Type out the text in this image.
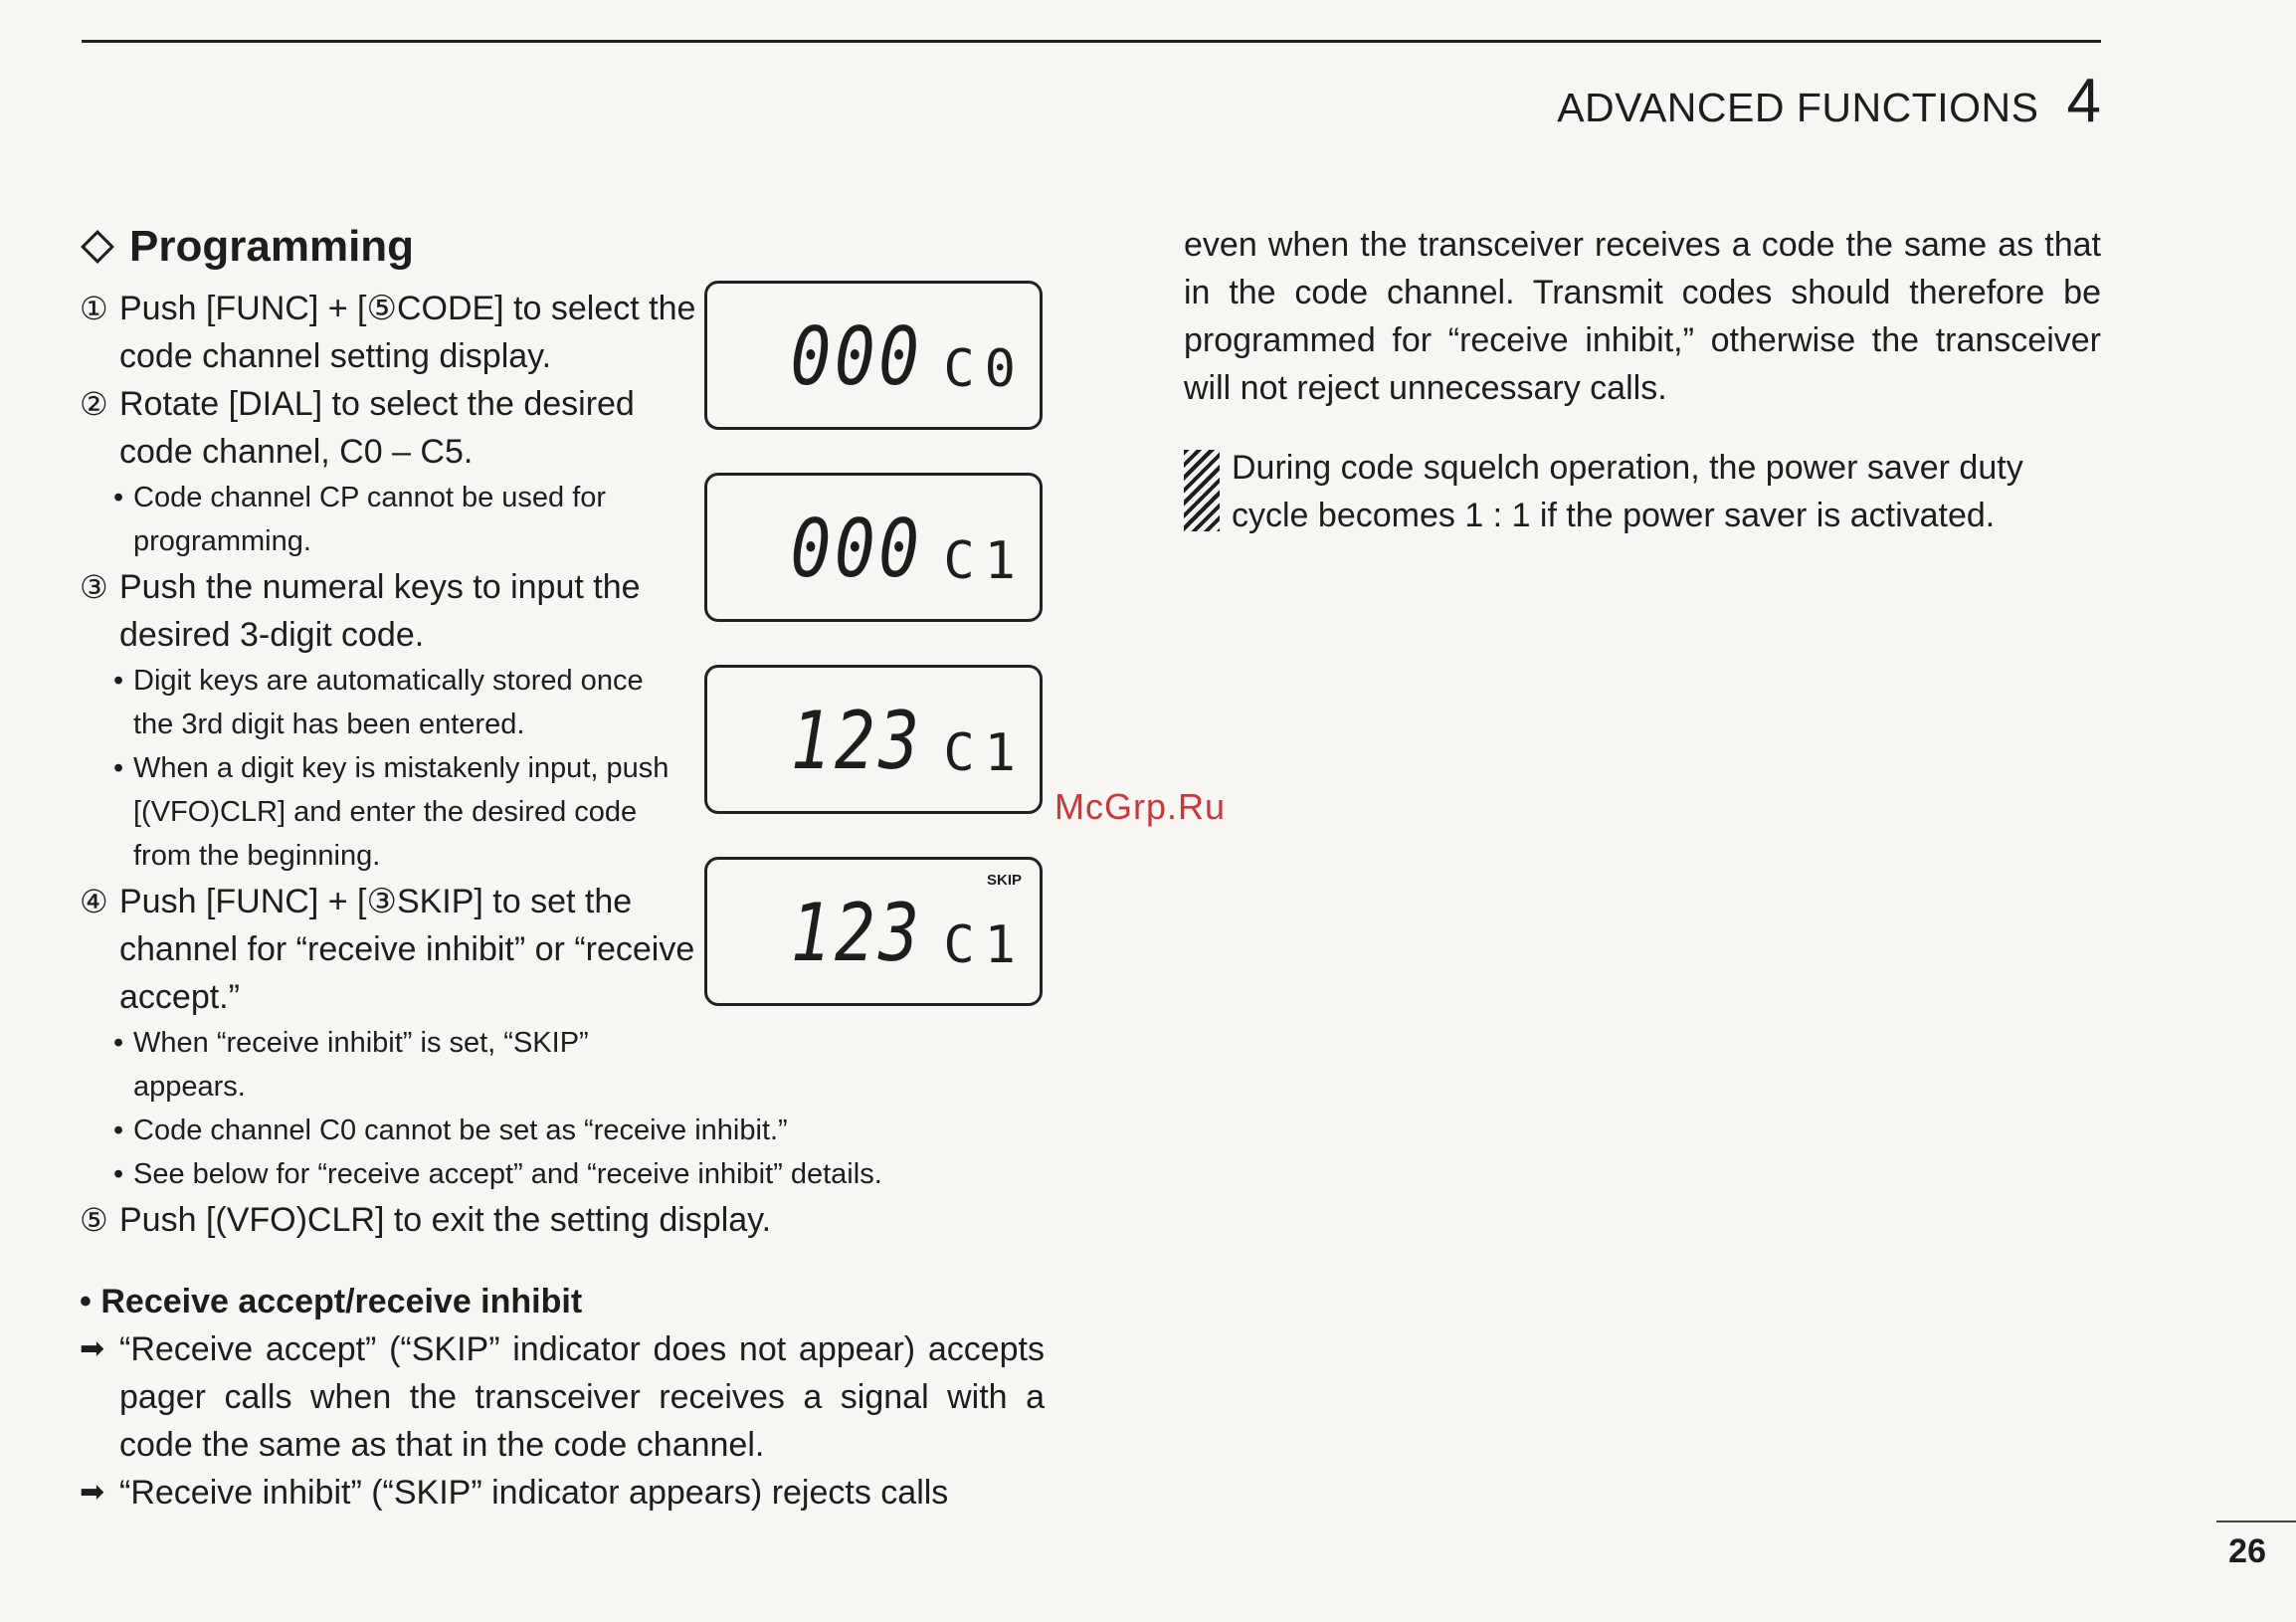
ADVANCED FUNCTIONS 4
Programming
① Push [FUNC] + [⑤CODE] to select the code channel setting display.
② Rotate [DIAL] to select the desired code channel, C0 – C5.
• Code channel CP cannot be used for programming.
③ Push the numeral keys to input the desired 3-digit code.
• Digit keys are automatically stored once the 3rd digit has been entered.
• When a digit key is mistakenly input, push [(VFO)CLR] and enter the desired code from the beginning.
④ Push [FUNC] + [③SKIP] to set the channel for “receive inhibit” or “receive accept.”
• When “receive inhibit” is set, “SKIP” appears.
• Code channel C0 cannot be set as “receive inhibit.”
• See below for “receive accept” and “receive inhibit” details.
⑤ Push [(VFO)CLR] to exit the setting display.
• Receive accept/receive inhibit
➡ “Receive accept” (“SKIP” indicator does not appear) accepts pager calls when the transceiver receives a signal with a code the same as that in the code channel.
➡ “Receive inhibit” (“SKIP” indicator appears) rejects calls
000 C0
000 C1
123 C1
SKIP
123 C1

even when the transceiver receives a code the same as that in the code channel. Transmit codes should therefore be programmed for “receive inhibit,” otherwise the transceiver will not reject unnecessary calls.

During code squelch operation, the power saver duty cycle becomes 1 : 1 if the power saver is activated.
McGrp.Ru
26
